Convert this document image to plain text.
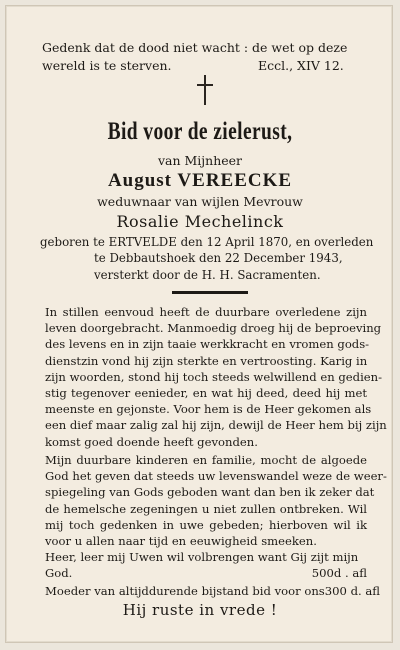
Gedenk dat de dood niet wacht : de wet op deze
wereld is te sterven.	Eccl., XIV 12.
Bid voor de zielerust,
van Mijnheer
August VEREECKE
weduwnaar van wijlen Mevrouw
Rosalie Mechelinck
geboren te ERTVELDE den 12 April 1870, en overleden
te Debbautshoek den 22 December 1943,
versterkt door de H. H. Sacramenten.
In stillen eenvoud heeft de duurbare overledene zijn
leven doorgebracht. Manmoedig droeg hij de beproeving
des levens en in zijn taaie werkkracht en vromen gods-
dienstzin vond hij zijn sterkte en vertroosting. Karig in
zijn woorden, stond hij toch steeds welwillend en gedien-
stig tegenover eenieder, en wat hij deed, deed hij met
meenste en gejonste. Voor hem is de Heer gekomen als
een dief maar zalig zal hij zijn, dewijl de Heer hem bij zijn
komst goed doende heeft gevonden.
Mijn duurbare kinderen en familie, mocht de algoede
God het geven dat steeds uw levenswandel weze de weer-
spiegeling van Gods geboden want dan ben ik zeker dat
de hemelsche zegeningen u niet zullen ontbreken. Wil
mij toch gedenken in uwe gebeden; hierboven wil ik
voor u allen naar tijd en eeuwigheid smeeken.
Heer, leer mij Uwen wil volbrengen want Gij zijt mijn
God.	500d . afl
Moeder van altijddurende bijstand bid voor ons300 d. afl
Hij ruste in vrede !
